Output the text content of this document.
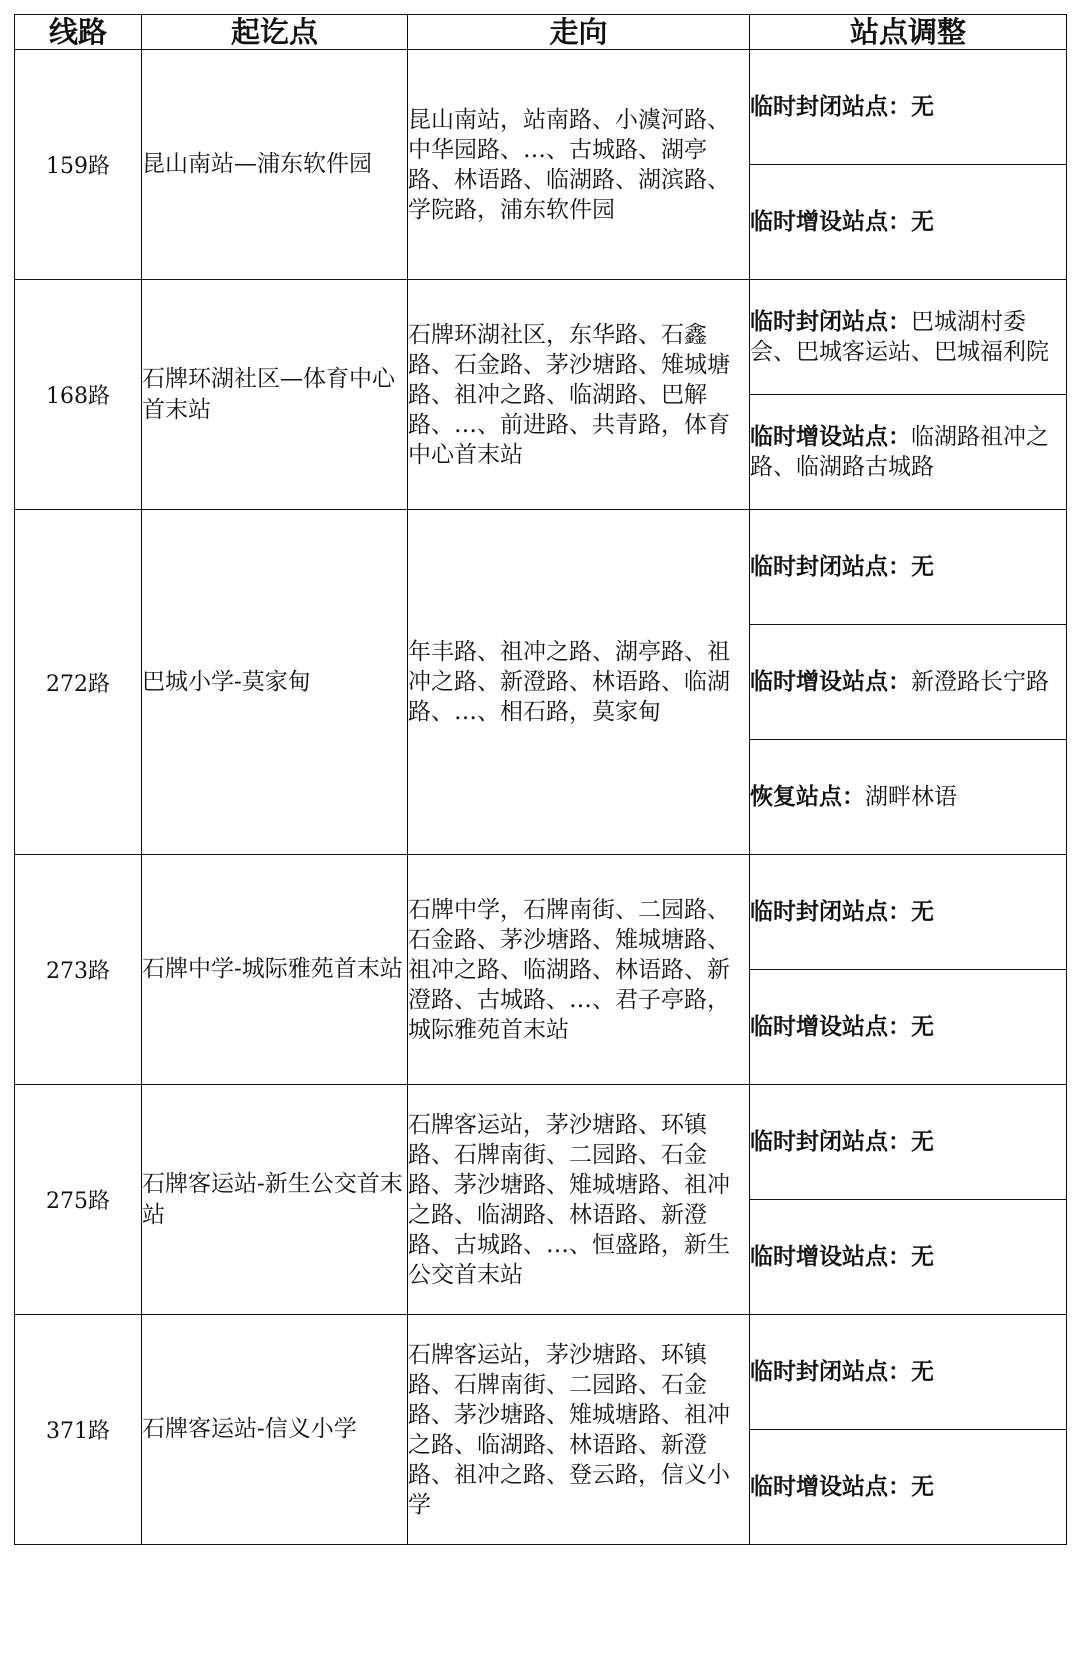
线路	起讫点	走向	站点调整
159路	昆山南站—浦东软件园	昆山南站，站南路、小澞河路、中华园路、…、古城路、湖亭路、林语路、临湖路、湖滨路、学院路，浦东软件园	临时封闭站点：无
			临时增设站点：无
168路	石牌环湖社区—体育中心首末站	石牌环湖社区，东华路、石鑫路、石金路、茅沙塘路、雉城塘路、祖冲之路、临湖路、巴解路、…、前进路、共青路，体育中心首末站	临时封闭站点：巴城湖村委会、巴城客运站、巴城福利院
			临时增设站点：临湖路祖冲之路、临湖路古城路
272路	巴城小学-莫家甸	年丰路、祖冲之路、湖亭路、祖冲之路、新澄路、林语路、临湖路、…、相石路，莫家甸	临时封闭站点：无
			临时增设站点：新澄路长宁路
			恢复站点：湖畔林语
273路	石牌中学-城际雅苑首末站	石牌中学，石牌南街、二园路、石金路、茅沙塘路、雉城塘路、祖冲之路、临湖路、林语路、新澄路、古城路、…、君子亭路，城际雅苑首末站	临时封闭站点：无
			临时增设站点：无
275路	石牌客运站-新生公交首末站	石牌客运站，茅沙塘路、环镇路、石牌南街、二园路、石金路、茅沙塘路、雉城塘路、祖冲之路、临湖路、林语路、新澄路、古城路、…、恒盛路，新生公交首末站	临时封闭站点：无
			临时增设站点：无
371路	石牌客运站-信义小学	石牌客运站，茅沙塘路、环镇路、石牌南街、二园路、石金路、茅沙塘路、雉城塘路、祖冲之路、临湖路、林语路、新澄路、祖冲之路、登云路，信义小学	临时封闭站点：无
			临时增设站点：无
